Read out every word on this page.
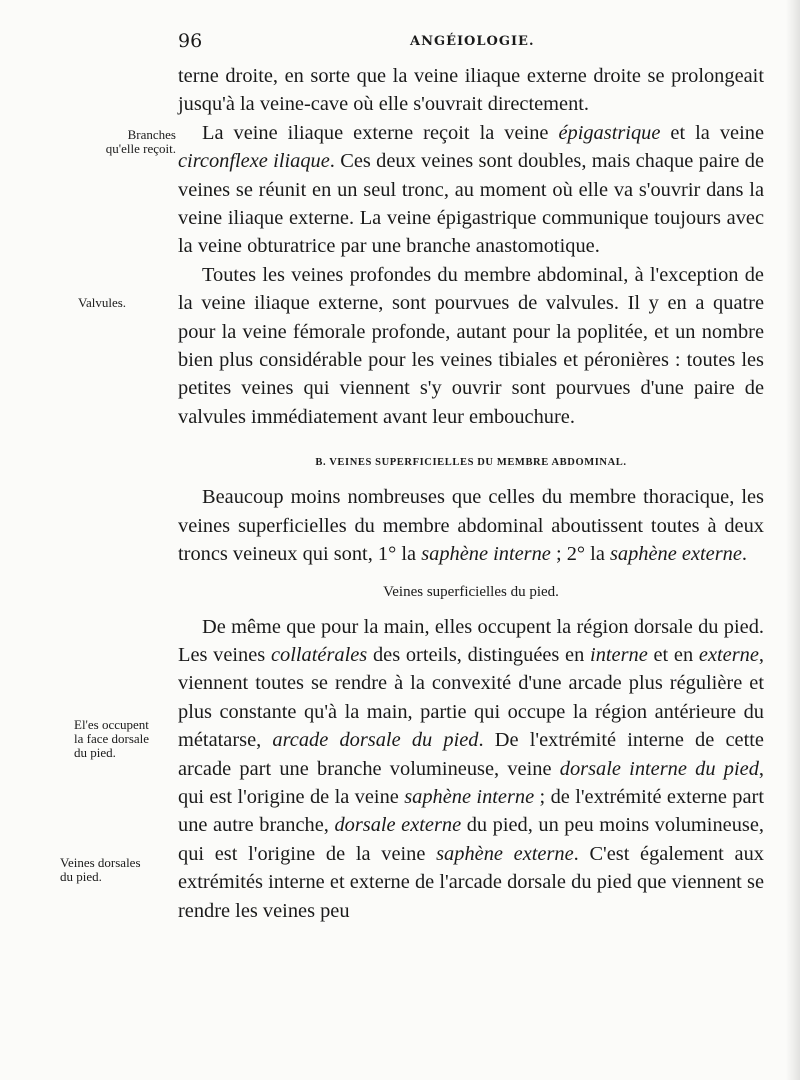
96	ANGÉIOLOGIE.
Branches
qu'elle reçoit.
Valvules.
El'es occupent
la face dorsale
du pied.
Veines dorsales
du pied.

terne droite, en sorte que la veine iliaque externe droite se prolongeait jusqu'à la veine-cave où elle s'ouvrait directement.

La veine iliaque externe reçoit la veine épigastrique et la veine circonflexe iliaque. Ces deux veines sont doubles, mais chaque paire de veines se réunit en un seul tronc, au moment où elle va s'ouvrir dans la veine iliaque externe. La veine épigastrique communique toujours avec la veine obturatrice par une branche anastomotique.

Toutes les veines profondes du membre abdominal, à l'exception de la veine iliaque externe, sont pourvues de valvules. Il y en a quatre pour la veine fémorale profonde, autant pour la poplitée, et un nombre bien plus considérable pour les veines tibiales et péronières : toutes les petites veines qui viennent s'y ouvrir sont pourvues d'une paire de valvules immédiatement avant leur embouchure.

B. VEINES SUPERFICIELLES DU MEMBRE ABDOMINAL.

Beaucoup moins nombreuses que celles du membre thoracique, les veines superficielles du membre abdominal aboutissent toutes à deux troncs veineux qui sont, 1° la saphène interne ; 2° la saphène externe.

Veines superficielles du pied.

De même que pour la main, elles occupent la région dorsale du pied. Les veines collatérales des orteils, distinguées en interne et en externe, viennent toutes se rendre à la convexité d'une arcade plus régulière et plus constante qu'à la main, partie qui occupe la région antérieure du métatarse, arcade dorsale du pied. De l'extrémité interne de cette arcade part une branche volumineuse, veine dorsale interne du pied, qui est l'origine de la veine saphène interne ; de l'extrémité externe part une autre branche, dorsale externe du pied, un peu moins volumineuse, qui est l'origine de la veine saphène externe. C'est également aux extrémités interne et externe de l'arcade dorsale du pied que viennent se rendre les veines peu
